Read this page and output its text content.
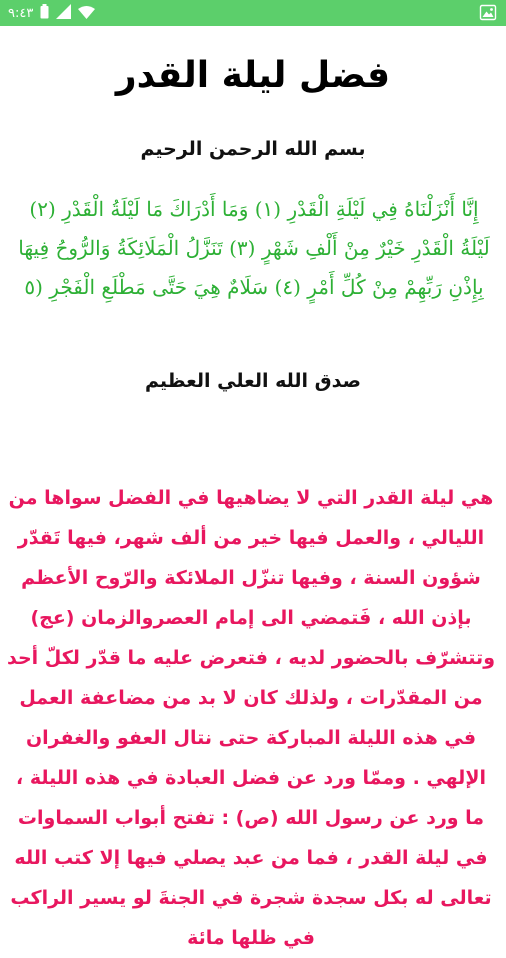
٩:٤٣
فضل ليلة القدر

بسم الله الرحمن الرحيم

إِنَّا أَنْزَلْنَاهُ فِي لَيْلَةِ الْقَدْرِ (١) وَمَا أَدْرَاكَ مَا لَيْلَةُ الْقَدْرِ (٢) لَيْلَةُ الْقَدْرِ خَيْرٌ مِنْ أَلْفِ شَهْرٍ (٣) تَنَزَّلُ الْمَلَائِكَةُ وَالرُّوحُ فِيهَا بِإِذْنِ رَبِّهِمْ مِنْ كُلِّ أَمْرٍ (٤) سَلَامٌ هِيَ حَتَّى مَطْلَعِ الْفَجْرِ (٥

صدق الله العلي العظيم

هي ليلة القدر التي لا يضاهيها في الفضل سواها من الليالي ، والعمل فيها خير من ألف شهر، فيها تَقدّر شؤون السنة ، وفيها تنزّل الملائكة والرّوح الأعظم بإذن الله ، فَتمضي الى إمام العصروالزمان (عج) وتتشرّف بالحضور لديه ، فتعرض عليه ما قدّر لكلّ أحد من المقدّرات ، ولذلك كان لا بد من مضاعفة العمل في هذه الليلة المباركة حتى نتال العفو والغفران الإلهي . وممّا ورد عن فضل العبادة في هذه الليلة ، ما ورد عن رسول الله (ص) : تفتح أبواب السماوات في ليلة القدر ، فما من عبد يصلي فيها إلا كتب الله تعالى له بكل سجدة شجرة في الجنةَ لو يسير الراكب في ظلها مائة
